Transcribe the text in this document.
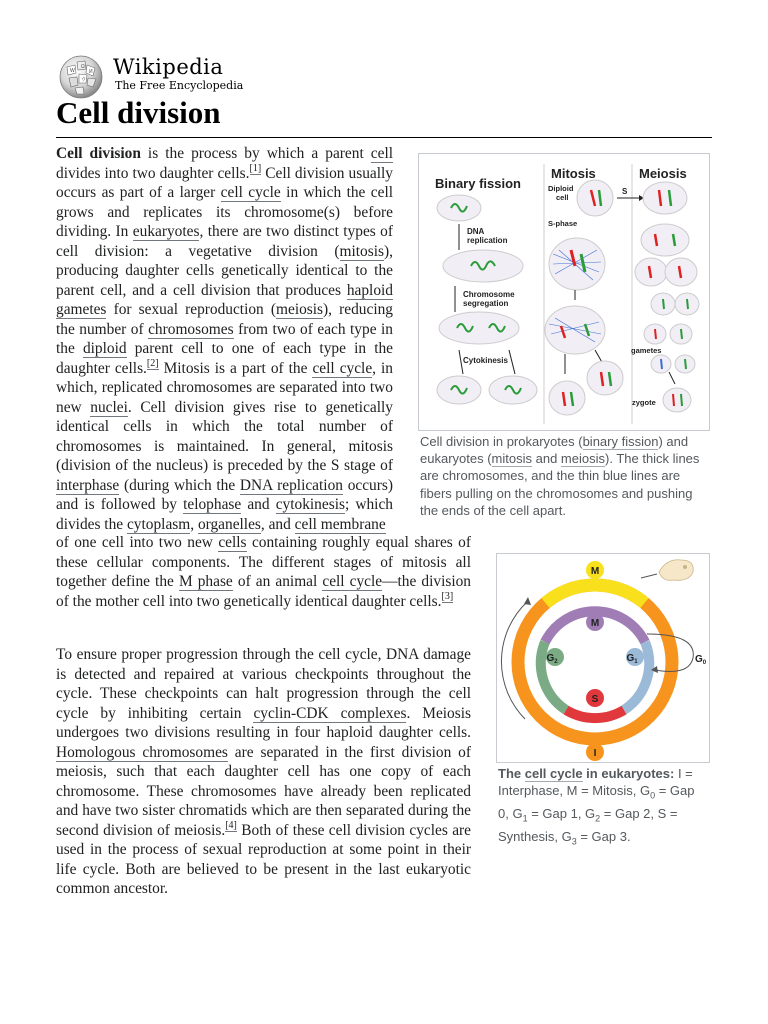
W
Ω
И
ウ
Wikipedia
The Free Encyclopedia
Cell division
Cell division is the process by which a parent cell divides into two daughter cells.[1] Cell division usually occurs as part of a larger cell cycle in which the cell grows and replicates its chromosome(s) before dividing. In eukaryotes, there are two distinct types of cell division: a vegetative division (mitosis), producing daughter cells genetically identical to the parent cell, and a cell division that produces haploid gametes for sexual reproduction (meiosis), reducing the number of chromosomes from two of each type in the diploid parent cell to one of each type in the daughter cells.[2] Mitosis is a part of the cell cycle, in which, replicated chromosomes are separated into two new nuclei. Cell division gives rise to genetically identical cells in which the total number of chromosomes is maintained. In general, mitosis (division of the nucleus) is preceded by the S stage of interphase (during which the DNA replication occurs) and is followed by telophase and cytokinesis; which divides the cytoplasm, organelles, and cell membrane
of one cell into two new cells containing roughly equal shares of these cellular components. The different stages of mitosis all together define the M phase of an animal cell cycle—the division of the mother cell into two genetically identical daughter cells.[3]
To ensure proper progression through the cell cycle, DNA damage is detected and repaired at various checkpoints throughout the cycle. These checkpoints can halt progression through the cell cycle by inhibiting certain cyclin-CDK complexes. Meiosis undergoes two divisions resulting in four haploid daughter cells. Homologous chromosomes are separated in the first division of meiosis, such that each daughter cell has one copy of each chromosome. These chromosomes have already been replicated and have two sister chromatids which are then separated during the second division of meiosis.[4] Both of these cell division cycles are used in the process of sexual reproduction at some point in their life cycle. Both are believed to be present in the last eukaryotic common ancestor.
Binary fission
Mitosis	Meiosis
DNA
replication
Chromosome
segregation
Cytokinesis
Diploid
cell
S-phase
S
gametes
zygote
Cell division in prokaryotes (binary fission) and eukaryotes (mitosis and meiosis). The thick lines are chromosomes, and the thin blue lines are fibers pulling on the chromosomes and pushing the ends of the cell apart.
M
M
$G_2$	$G_1$
S
I
$G_0$
The cell cycle in eukaryotes: I = Interphase, M = Mitosis, $G_0$ = Gap 0, $G_1$ = Gap 1, $G_2$ = Gap 2, S = Synthesis, $G_3$ = Gap 3.
